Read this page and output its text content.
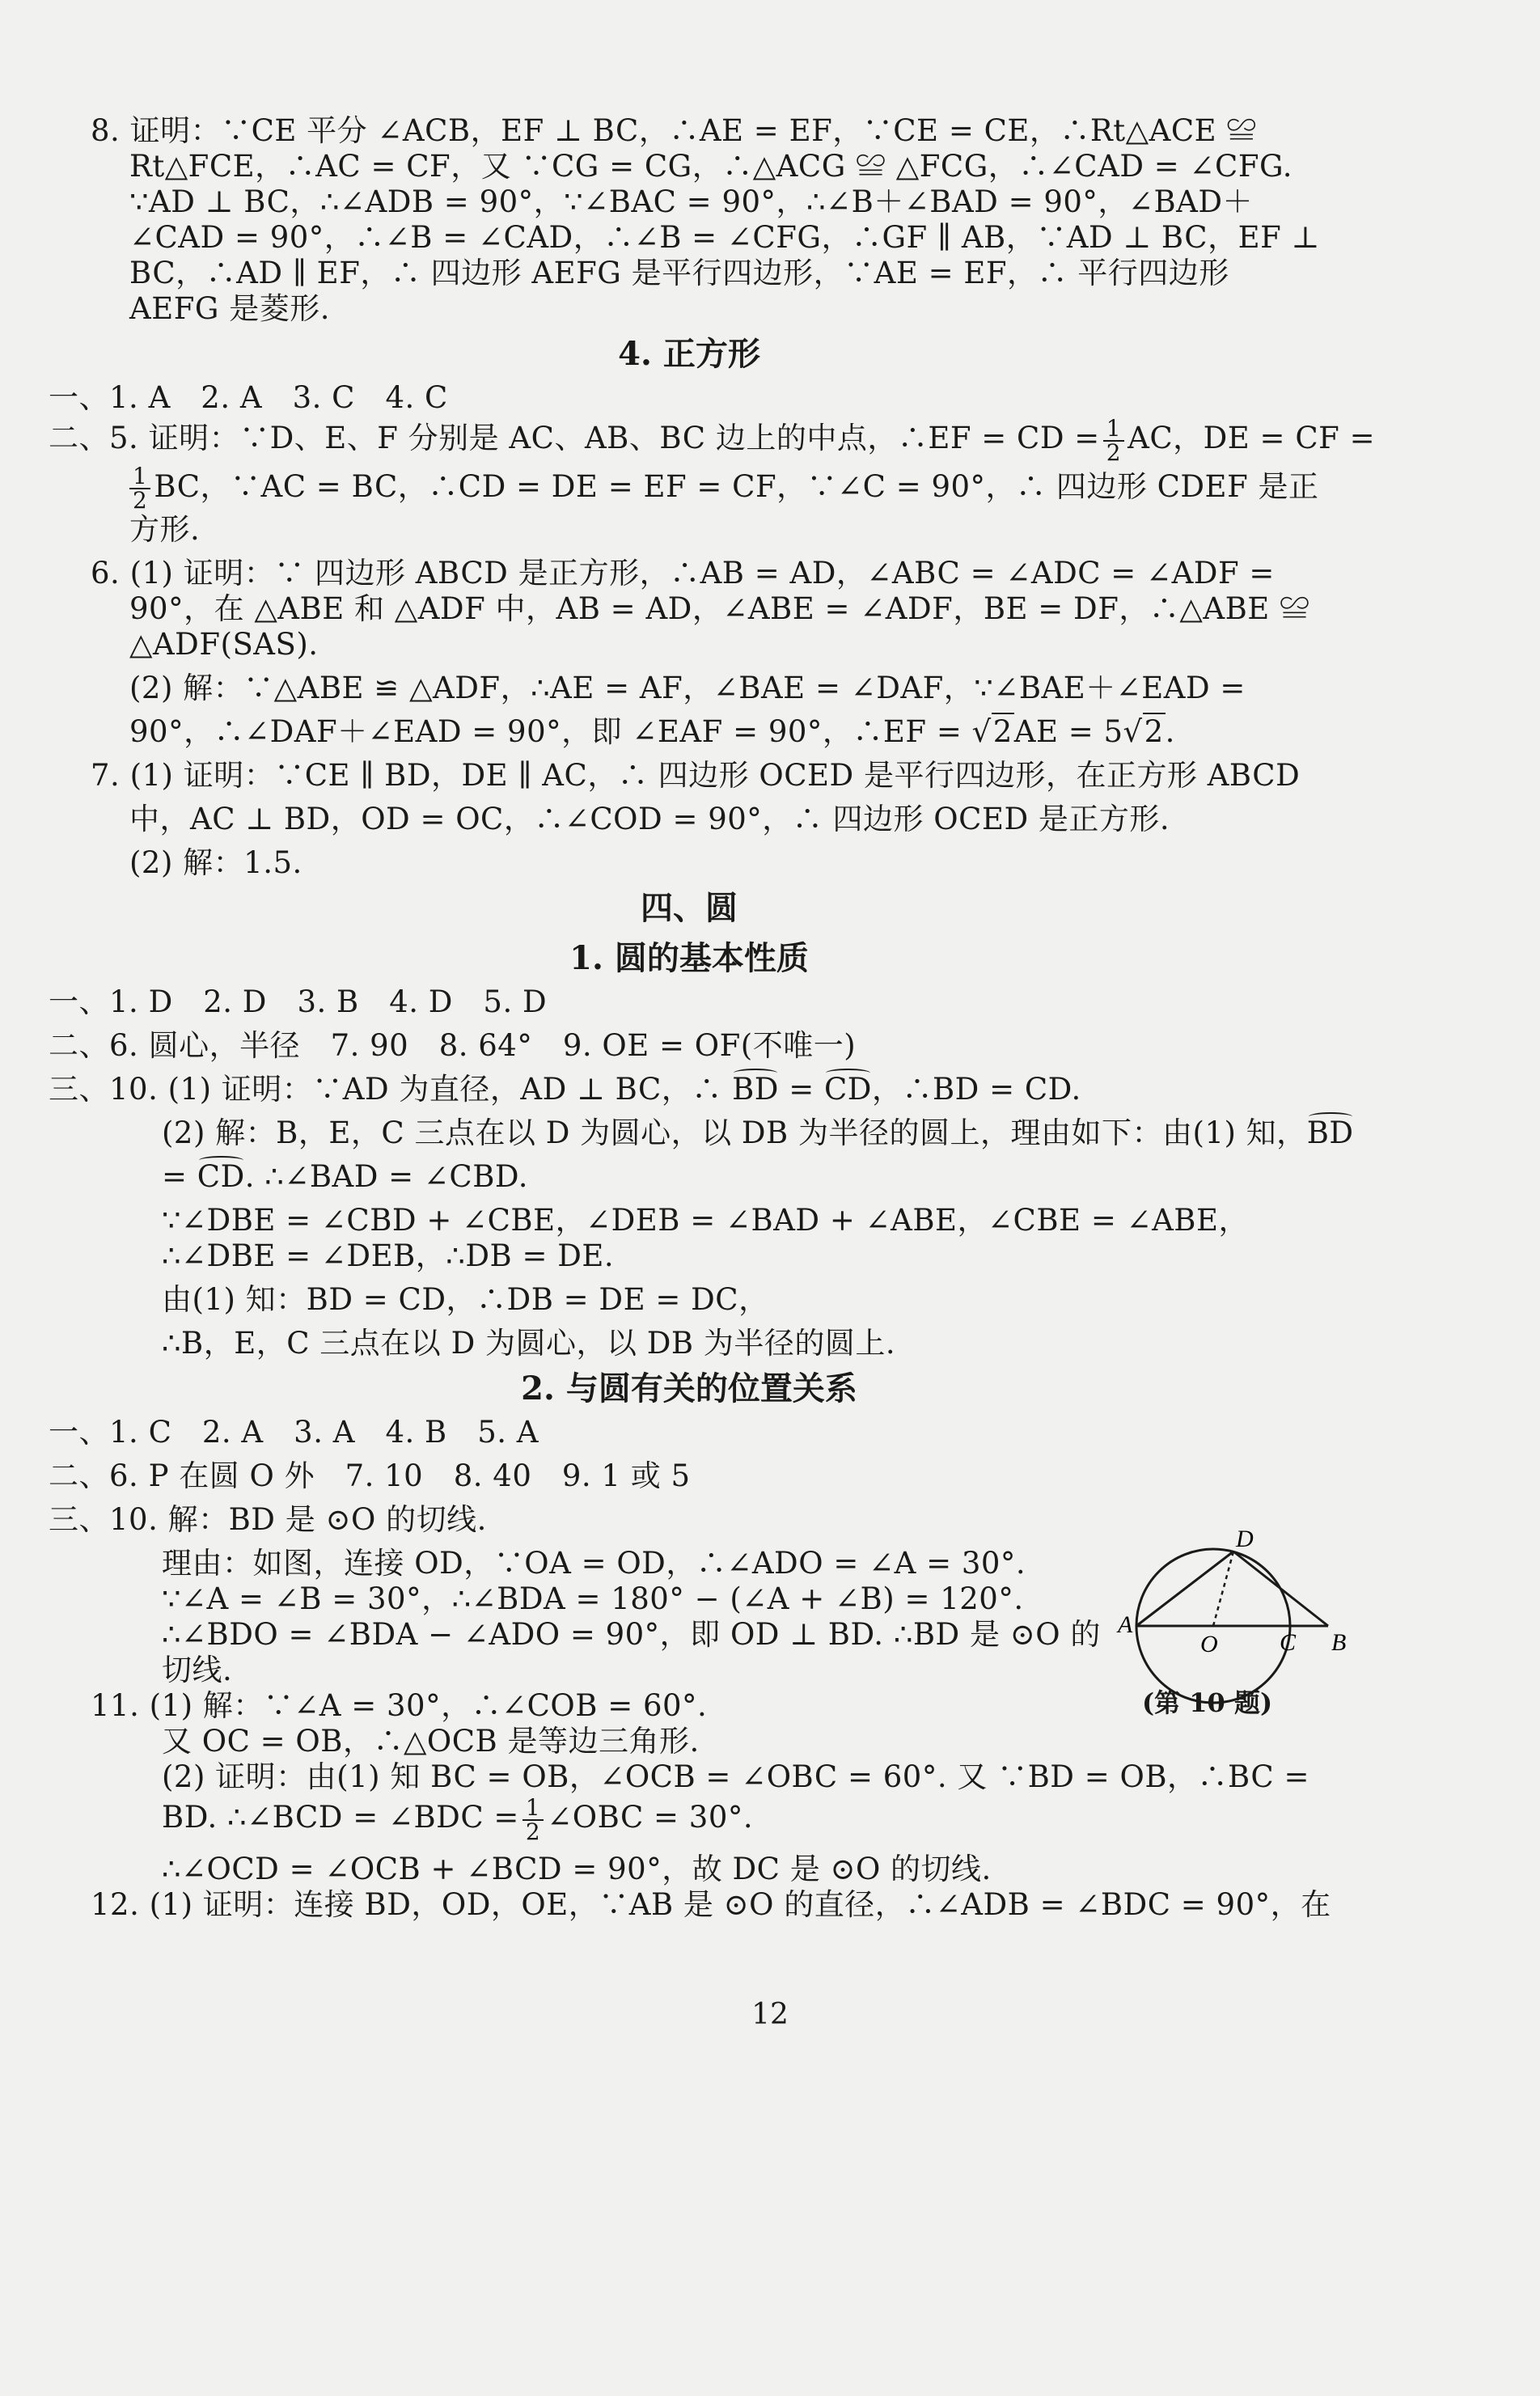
8. 证明：∵CE 平分 ∠ACB，EF ⊥ BC，∴AE = EF，∵CE = CE，∴Rt△ACE ≌

Rt△FCE，∴AC = CF，又 ∵CG = CG，∴△ACG ≌ △FCG，∴∠CAD = ∠CFG.

∵AD ⊥ BC，∴∠ADB = 90°，∵∠BAC = 90°，∴∠B＋∠BAD = 90°，∠BAD＋

∠CAD = 90°，∴∠B = ∠CAD，∴∠B = ∠CFG，∴GF ∥ AB，∵AD ⊥ BC，EF ⊥

BC，∴AD ∥ EF，∴ 四边形 AEFG 是平行四边形，∵AE = EF，∴ 平行四边形

AEFG 是菱形.

4. 正方形

一、1. A　2. A　3. C　4. C

二、5. 证明：∵D、E、F 分别是 AC、AB、BC 边上的中点，∴EF = CD = $\frac{1}{2}$ AC，DE = CF =

$\frac{1}{2}$ BC，∵AC = BC，∴CD = DE = EF = CF，∵∠C = 90°，∴ 四边形 CDEF 是正

方形.

6. (1) 证明：∵ 四边形 ABCD 是正方形，∴AB = AD，∠ABC = ∠ADC = ∠ADF =

90°，在 △ABE 和 △ADF 中，AB = AD，∠ABE = ∠ADF，BE = DF，∴△ABE ≌

△ADF(SAS).

(2) 解：∵△ABE ≌ △ADF，∴AE = AF，∠BAE = ∠DAF，∵∠BAE＋∠EAD =

90°，∴∠DAF＋∠EAD = 90°，即 ∠EAF = 90°，∴EF = √2AE = 5√2.

7. (1) 证明：∵CE ∥ BD，DE ∥ AC，∴ 四边形 OCED 是平行四边形，在正方形 ABCD

中，AC ⊥ BD，OD = OC，∴∠COD = 90°，∴ 四边形 OCED 是正方形.

(2) 解：1.5.

四、圆
1. 圆的基本性质

一、1. D　2. D　3. B　4. D　5. D

二、6. 圆心，半径　7. 90　8. 64°　9. OE = OF(不唯一)

三、10. (1) 证明：∵AD 为直径，AD ⊥ BC，∴ BD = CD，∴BD = CD.

(2) 解：B，E，C 三点在以 D 为圆心，以 DB 为半径的圆上，理由如下：由(1) 知，BD

= CD. ∴∠BAD = ∠CBD.

∵∠DBE = ∠CBD + ∠CBE，∠DEB = ∠BAD + ∠ABE，∠CBE = ∠ABE，

∴∠DBE = ∠DEB，∴DB = DE.

由(1) 知：BD = CD，∴DB = DE = DC，

∴B，E，C 三点在以 D 为圆心，以 DB 为半径的圆上.

2. 与圆有关的位置关系

一、1. C　2. A　3. A　4. B　5. A

二、6. P 在圆 O 外　7. 10　8. 40　9. 1 或 5

三、10. 解：BD 是 ⊙O 的切线.

理由：如图，连接 OD，∵OA = OD，∴∠ADO = ∠A = 30°.

∵∠A = ∠B = 30°，∴∠BDA = 180° − (∠A + ∠B) = 120°.

∴∠BDO = ∠BDA − ∠ADO = 90°，即 OD ⊥ BD. ∴BD 是 ⊙O 的

切线.

11. (1) 解：∵∠A = 30°，∴∠COB = 60°.

又 OC = OB，∴△OCB 是等边三角形.

(2) 证明：由(1) 知 BC = OB，∠OCB = ∠OBC = 60°. 又 ∵BD = OB，∴BC =

BD. ∴∠BCD = ∠BDC = $\frac{1}{2}$ ∠OBC = 30°.

∴∠OCD = ∠OCB + ∠BCD = 90°，故 DC 是 ⊙O 的切线.

12. (1) 证明：连接 BD，OD，OE，∵AB 是 ⊙O 的直径，∴∠ADB = ∠BDC = 90°，在

A
O	C B
D
(第 10 题)
12
